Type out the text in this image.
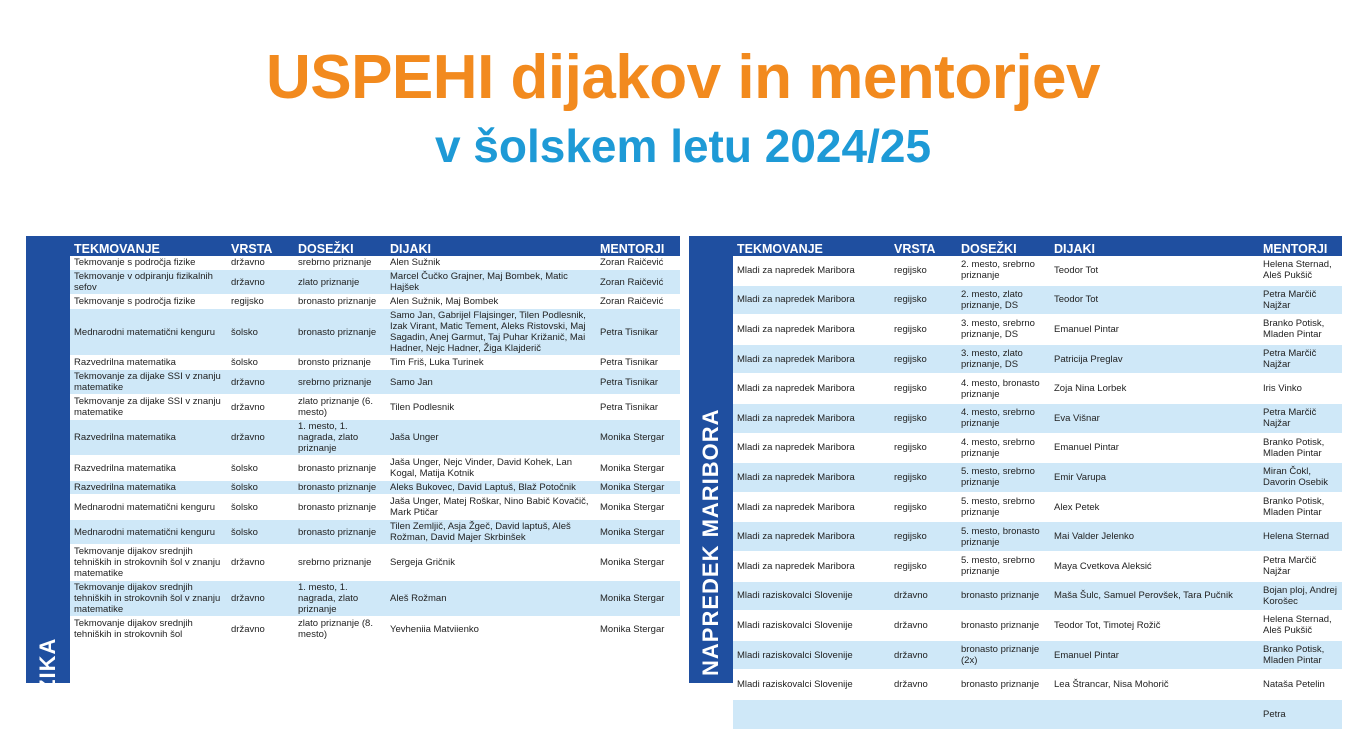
USPEHI dijakov in mentorjev
v šolskem letu 2024/25
n FIZIKA
TEKMOVANJE	VRSTA	DOSEŽKI	DIJAKI	MENTORJI
Tekmovanje s področja fizike	državno	srebrno priznanje	Alen Sužnik	Zoran Raičević
Tekmovanje v odpiranju fizikalnih sefov	državno	zlato priznanje	Marcel Čučko Grajner, Maj Bombek, Matic Hajšek	Zoran Raičević
Tekmovanje s področja fizike	regijsko	bronasto priznanje	Alen Sužnik, Maj Bombek	Zoran Raičević
Mednarodni matematični kenguru	šolsko	bronasto priznanje	Samo Jan, Gabrijel Flajsinger, Tilen Podlesnik, Izak Virant, Matic Tement, Aleks Ristovski, Maj Sagadin, Anej Garmut, Taj Puhar Križanič, Mai Hadner, Nejc Hadner, Žiga Klajderič	Petra Tisnikar
Razvedrilna matematika	šolsko	bronsto priznanje	Tim Friš, Luka Turinek	Petra Tisnikar
Tekmovanje za dijake SSI v znanju matematike	državno	srebrno priznanje	Samo Jan	Petra Tisnikar
Tekmovanje za dijake SSI v znanju matematike	državno	zlato priznanje (6. mesto)	Tilen Podlesnik	Petra Tisnikar
Razvedrilna matematika	državno	1. mesto, 1. nagrada, zlato priznanje	Jaša Unger	Monika Stergar
Razvedrilna matematika	šolsko	bronasto priznanje	Jaša Unger, Nejc Vinder, David Kohek, Lan Kogal, Matija Kotnik	Monika Stergar
Razvedrilna matematika	šolsko	bronasto priznanje	Aleks Bukovec, David Laptuš, Blaž Potočnik	Monika Stergar
Mednarodni matematični kenguru	šolsko	bronasto priznanje	Jaša Unger, Matej Roškar, Nino Babič Kovačič, Mark Ptičar	Monika Stergar
Mednarodni matematični kenguru	šolsko	bronasto priznanje	Tilen Zemljič, Asja Žgeč, David laptuš, Aleš Rožman, David Majer Skrbinšek	Monika Stergar
Tekmovanje dijakov srednjih tehniških in strokovnih šol v znanju matematike	državno	srebrno priznanje	Sergeja Gričnik	Monika Stergar
Tekmovanje dijakov srednjih tehniških in strokovnih šol v znanju matematike	državno	1. mesto, 1. nagrada, zlato priznanje	Aleš Rožman	Monika Stergar
Tekmovanje dijakov srednjih tehniških in strokovnih šol	državno	zlato priznanje (8. mesto)	Yevheniia Matviienko	Monika Stergar NAPREDEK MARIBORA
TEKMOVANJE	VRSTA	DOSEŽKI	DIJAKI	MENTORJI
Mladi za napredek Maribora	regijsko	2. mesto, srebrno priznanje	Teodor Tot	Helena Sternad, Aleš Pukšič
Mladi za napredek Maribora	regijsko	2. mesto, zlato priznanje, DS	Teodor Tot	Petra Marčič Najžar
Mladi za napredek Maribora	regijsko	3. mesto, srebrno priznanje, DS	Emanuel Pintar	Branko Potisk, Mladen Pintar
Mladi za napredek Maribora	regijsko	3. mesto, zlato priznanje, DS	Patricija Preglav	Petra Marčič Najžar
Mladi za napredek Maribora	regijsko	4. mesto, bronasto priznanje	Zoja Nina Lorbek	Iris Vinko
Mladi za napredek Maribora	regijsko	4. mesto, srebrno priznanje	Eva Višnar	Petra Marčič Najžar
Mladi za napredek Maribora	regijsko	4. mesto, srebrno priznanje	Emanuel Pintar	Branko Potisk, Mladen Pintar
Mladi za napredek Maribora	regijsko	5. mesto, srebrno priznanje	Emir Varupa	Miran Čokl, Davorin Osebik
Mladi za napredek Maribora	regijsko	5. mesto, srebrno priznanje	Alex Petek	Branko Potisk, Mladen Pintar
Mladi za napredek Maribora	regijsko	5. mesto, bronasto priznanje	Mai Valder Jelenko	Helena Sternad
Mladi za napredek Maribora	regijsko	5. mesto, srebrno priznanje	Maya Cvetkova Aleksić	Petra Marčič Najžar
Mladi raziskovalci Slovenije	državno	bronasto priznanje	Maša Šulc, Samuel Perovšek, Tara Pučnik	Bojan ploj, Andrej Korošec
Mladi raziskovalci Slovenije	državno	bronasto priznanje	Teodor Tot, Timotej Rožič	Helena Sternad, Aleš Pukšič
Mladi raziskovalci Slovenije	državno	bronasto priznanje (2x)	Emanuel Pintar	Branko Potisk, Mladen Pintar
Mladi raziskovalci Slovenije	državno	bronasto priznanje	Lea Štrancar, Nisa Mohorič	Nataša Petelin
				Petra
